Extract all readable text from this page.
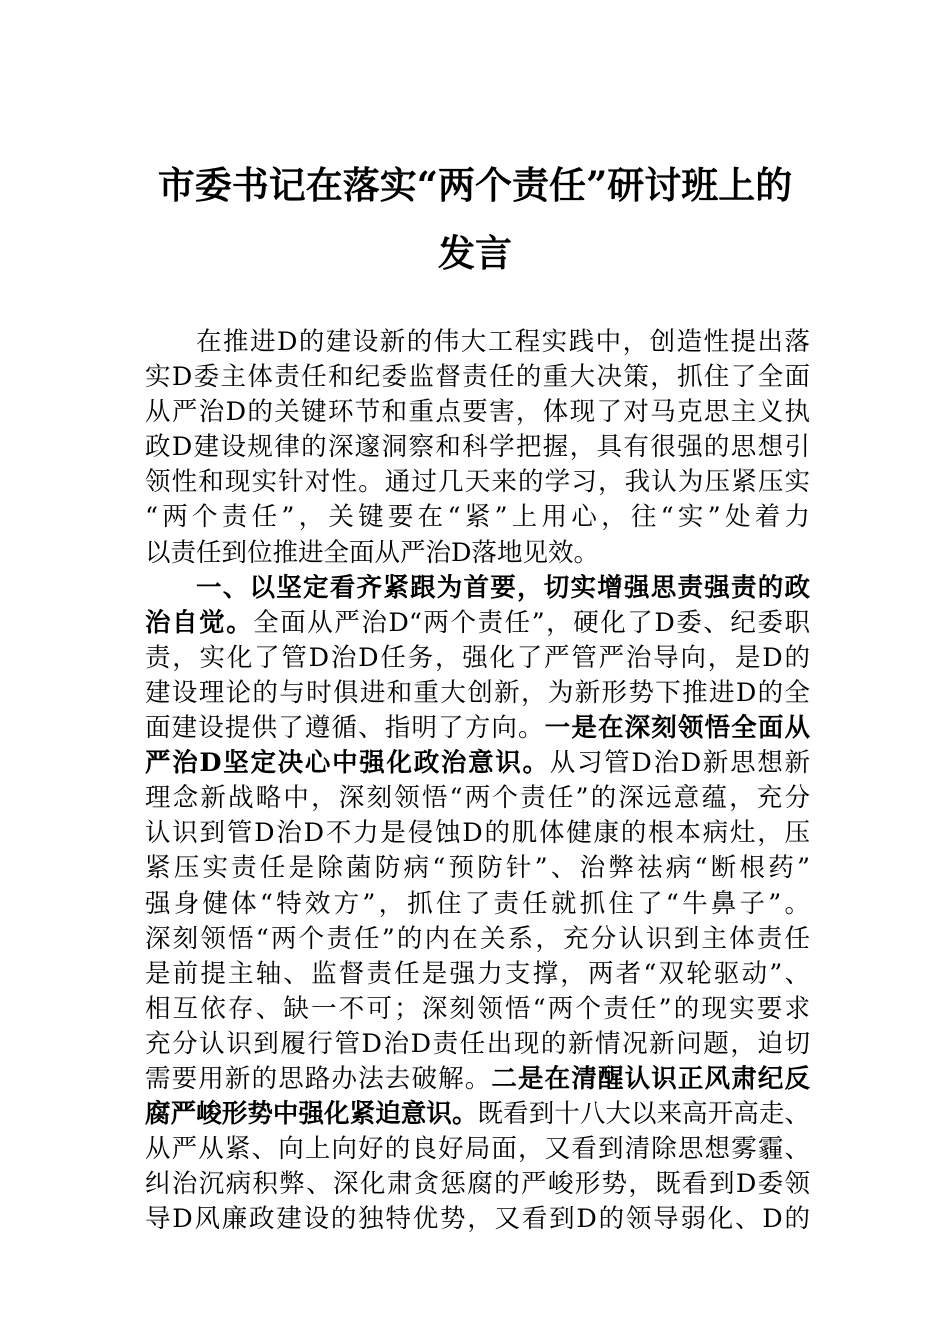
市委书记在落实“两个责任”研讨班上的
发言
在推进D的建设新的伟大工程实践中，创造性提出落
实D委主体责任和纪委监督责任的重大决策，抓住了全面
从严治D的关键环节和重点要害，体现了对马克思主义执
政D建设规律的深邃洞察和科学把握，具有很强的思想引
领性和现实针对性。通过几天来的学习，我认为压紧压实
“两个责任”，关键要在“紧”上用心，往“实”处着力
以责任到位推进全面从严治D落地见效。
一、以坚定看齐紧跟为首要，切实增强思责强责的政
治自觉。全面从严治D“两个责任”，硬化了D委、纪委职
责，实化了管D治D任务，强化了严管严治导向，是D的
建设理论的与时俱进和重大创新，为新形势下推进D的全
面建设提供了遵循、指明了方向。一是在深刻领悟全面从
严治D坚定决心中强化政治意识。从习管D治D新思想新
理念新战略中，深刻领悟“两个责任”的深远意蕴，充分
认识到管D治D不力是侵蚀D的肌体健康的根本病灶，压
紧压实责任是除菌防病“预防针”、治弊祛病“断根药”
强身健体“特效方”，抓住了责任就抓住了“牛鼻子”。
深刻领悟“两个责任”的内在关系，充分认识到主体责任
是前提主轴、监督责任是强力支撑，两者“双轮驱动”、
相互依存、缺一不可；深刻领悟“两个责任”的现实要求
充分认识到履行管D治D责任出现的新情况新问题，迫切
需要用新的思路办法去破解。二是在清醒认识正风肃纪反
腐严峻形势中强化紧迫意识。既看到十八大以来高开高走、
从严从紧、向上向好的良好局面，又看到清除思想雾霾、
纠治沉病积弊、深化肃贪惩腐的严峻形势，既看到D委领
导D风廉政建设的独特优势，又看到D的领导弱化、D的
